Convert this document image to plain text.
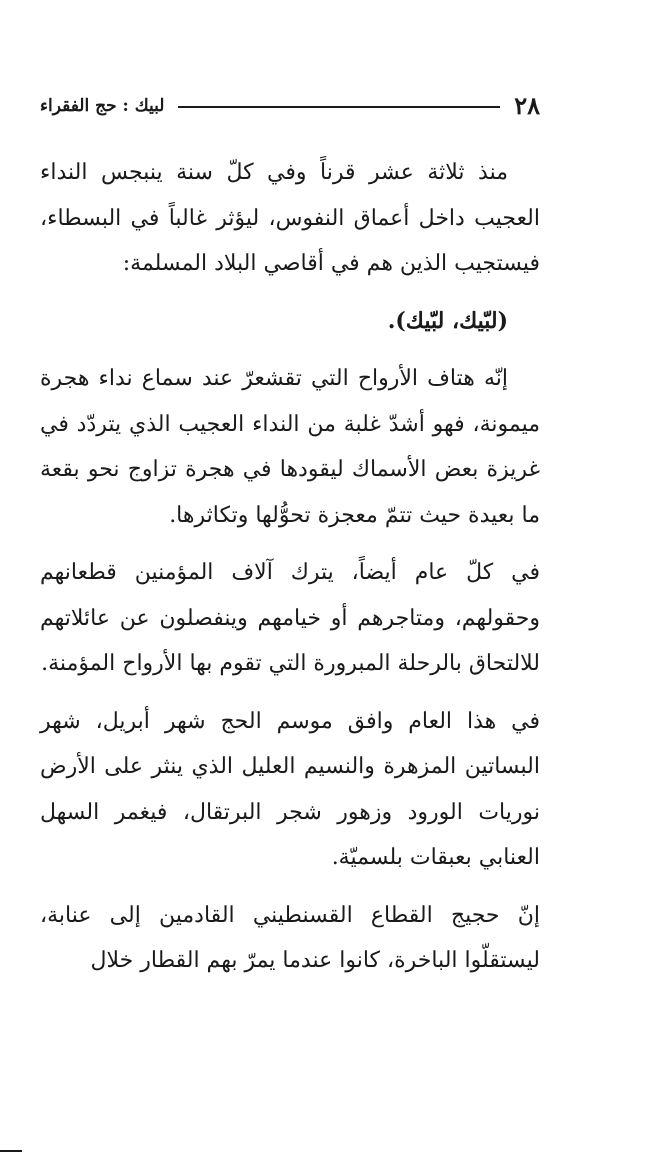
٢٨
لبيك : حج الفقراء

منذ ثلاثة عشر قرناً وفي كلّ سنة ينبجس النداء العجيب داخل أعماق النفوس، ليؤثر غالباً في البسطاء، فيستجيب الذين هم في أقاصي البلاد المسلمة:

(لبّيك، لبّيك).

إنّه هتاف الأرواح التي تقشعرّ عند سماع نداء هجرة ميمونة، فهو أشدّ غلبة من النداء العجيب الذي يتردّد في غريزة بعض الأسماك ليقودها في هجرة تزاوج نحو بقعة ما بعيدة حيث تتمّ معجزة تحوُّلها وتكاثرها.

في كلّ عام أيضاً، يترك آلاف المؤمنين قطعانهم وحقولهم، ومتاجرهم أو خيامهم وينفصلون عن عائلاتهم للالتحاق بالرحلة المبرورة التي تقوم بها الأرواح المؤمنة.

في هذا العام وافق موسم الحج شهر أبريل، شهر البساتين المزهرة والنسيم العليل الذي ينثر على الأرض نوريات الورود وزهور شجر البرتقال، فيغمر السهل العنابي بعبقات بلسميّة.

إنّ حجيج القطاع القسنطيني القادمين إلى عنابة، ليستقلّوا الباخرة، كانوا عندما يمرّ بهم القطار خلال
